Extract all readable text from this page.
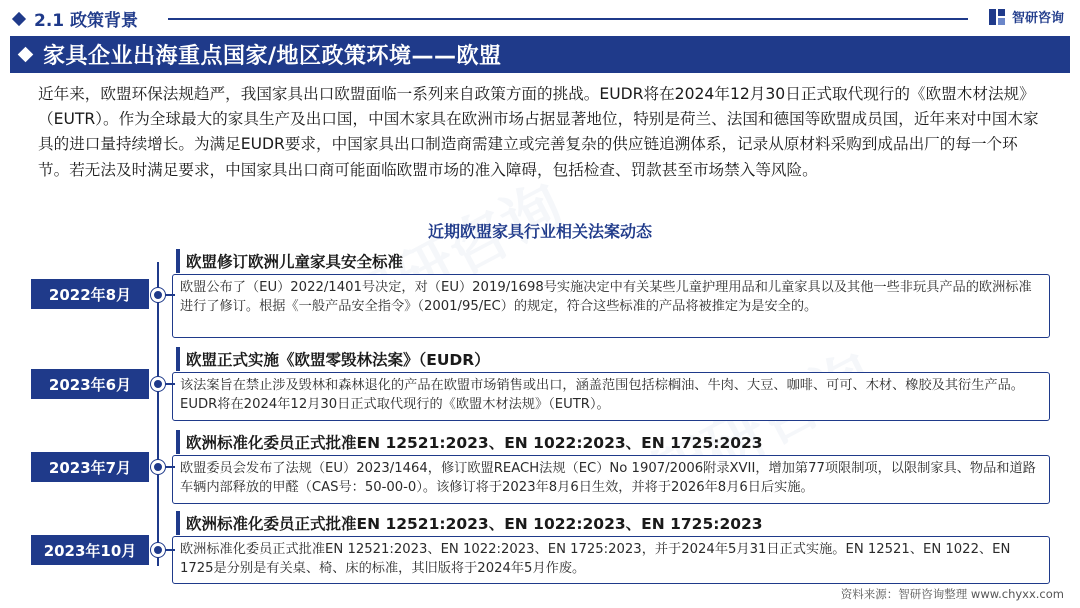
2.1 政策背景	智研咨询
家具企业出海重点国家/地区政策环境——欧盟

近年来，欧盟环保法规趋严，我国家具出口欧盟面临一系列来自政策方面的挑战。EUDR将在2024年12月30日正式取代现行的《欧盟木材法规》（EUTR）。作为全球最大的家具生产及出口国，中国木家具在欧洲市场占据显著地位，特别是荷兰、法国和德国等欧盟成员国，近年来对中国木家具的进口量持续增长。为满足EUDR要求，中国家具出口制造商需建立或完善复杂的供应链追溯体系，记录从原材料采购到成品出厂的每一个环节。若无法及时满足要求，中国家具出口商可能面临欧盟市场的准入障碍，包括检查、罚款甚至市场禁入等风险。

近期欧盟家具行业相关法案动态
欧盟修订欧洲儿童家具安全标准
欧盟公布了（EU）2022/1401号决定，对（EU）2019/1698号实施决定中有关某些儿童护理用品和儿童家具以及其他一些非玩具产品的欧洲标准进行了修订。根据《一般产品安全指令》（2001/95/EC）的规定，符合这些标准的产品将被推定为是安全的。
2022年8月
欧盟正式实施《欧盟零毁林法案》（EUDR）
该法案旨在禁止涉及毁林和森林退化的产品在欧盟市场销售或出口，涵盖范围包括棕榈油、牛肉、大豆、咖啡、可可、木材、橡胶及其衍生产品。EUDR将在2024年12月30日正式取代现行的《欧盟木材法规》（EUTR）。
2023年6月
欧洲标准化委员正式批准EN 12521:2023、EN 1022:2023、EN 1725:2023
欧盟委员会发布了法规（EU）2023/1464，修订欧盟REACH法规（EC）No 1907/2006附录XVII，增加第77项限制项，以限制家具、物品和道路车辆内部释放的甲醛（CAS号：50-00-0）。该修订将于2023年8月6日生效，并将于2026年8月6日后实施。
2023年7月
欧洲标准化委员正式批准EN 12521:2023、EN 1022:2023、EN 1725:2023
欧洲标准化委员正式批准EN 12521:2023、EN 1022:2023、EN 1725:2023，并于2024年5月31日正式实施。EN 12521、EN 1022、EN 1725是分别是有关桌、椅、床的标准，其旧版将于2024年5月作废。
2023年10月
资料来源：智研咨询整理 www.chyxx.com
